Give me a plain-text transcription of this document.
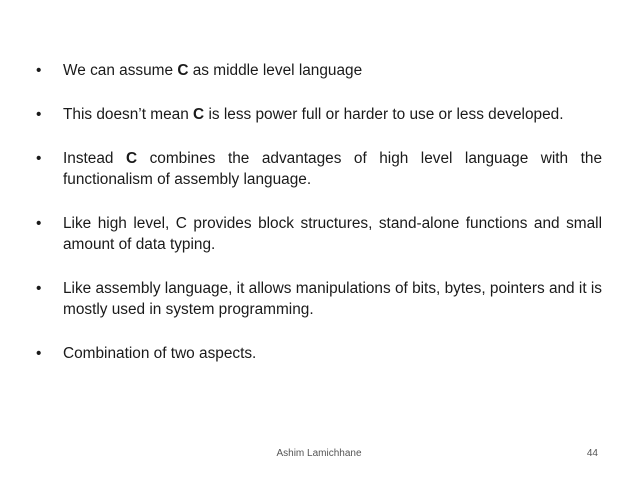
• We can assume C as middle level language
• This doesn’t mean C is less power full or harder to use or less developed.
• Instead C combines the advantages of high level language with the functionalism of assembly language.
• Like high level, C provides block structures, stand-alone functions and small amount of data typing.
• Like assembly language, it allows manipulations of bits, bytes, pointers and it is mostly used in system programming.
• Combination of two aspects.
Ashim Lamichhane	44
